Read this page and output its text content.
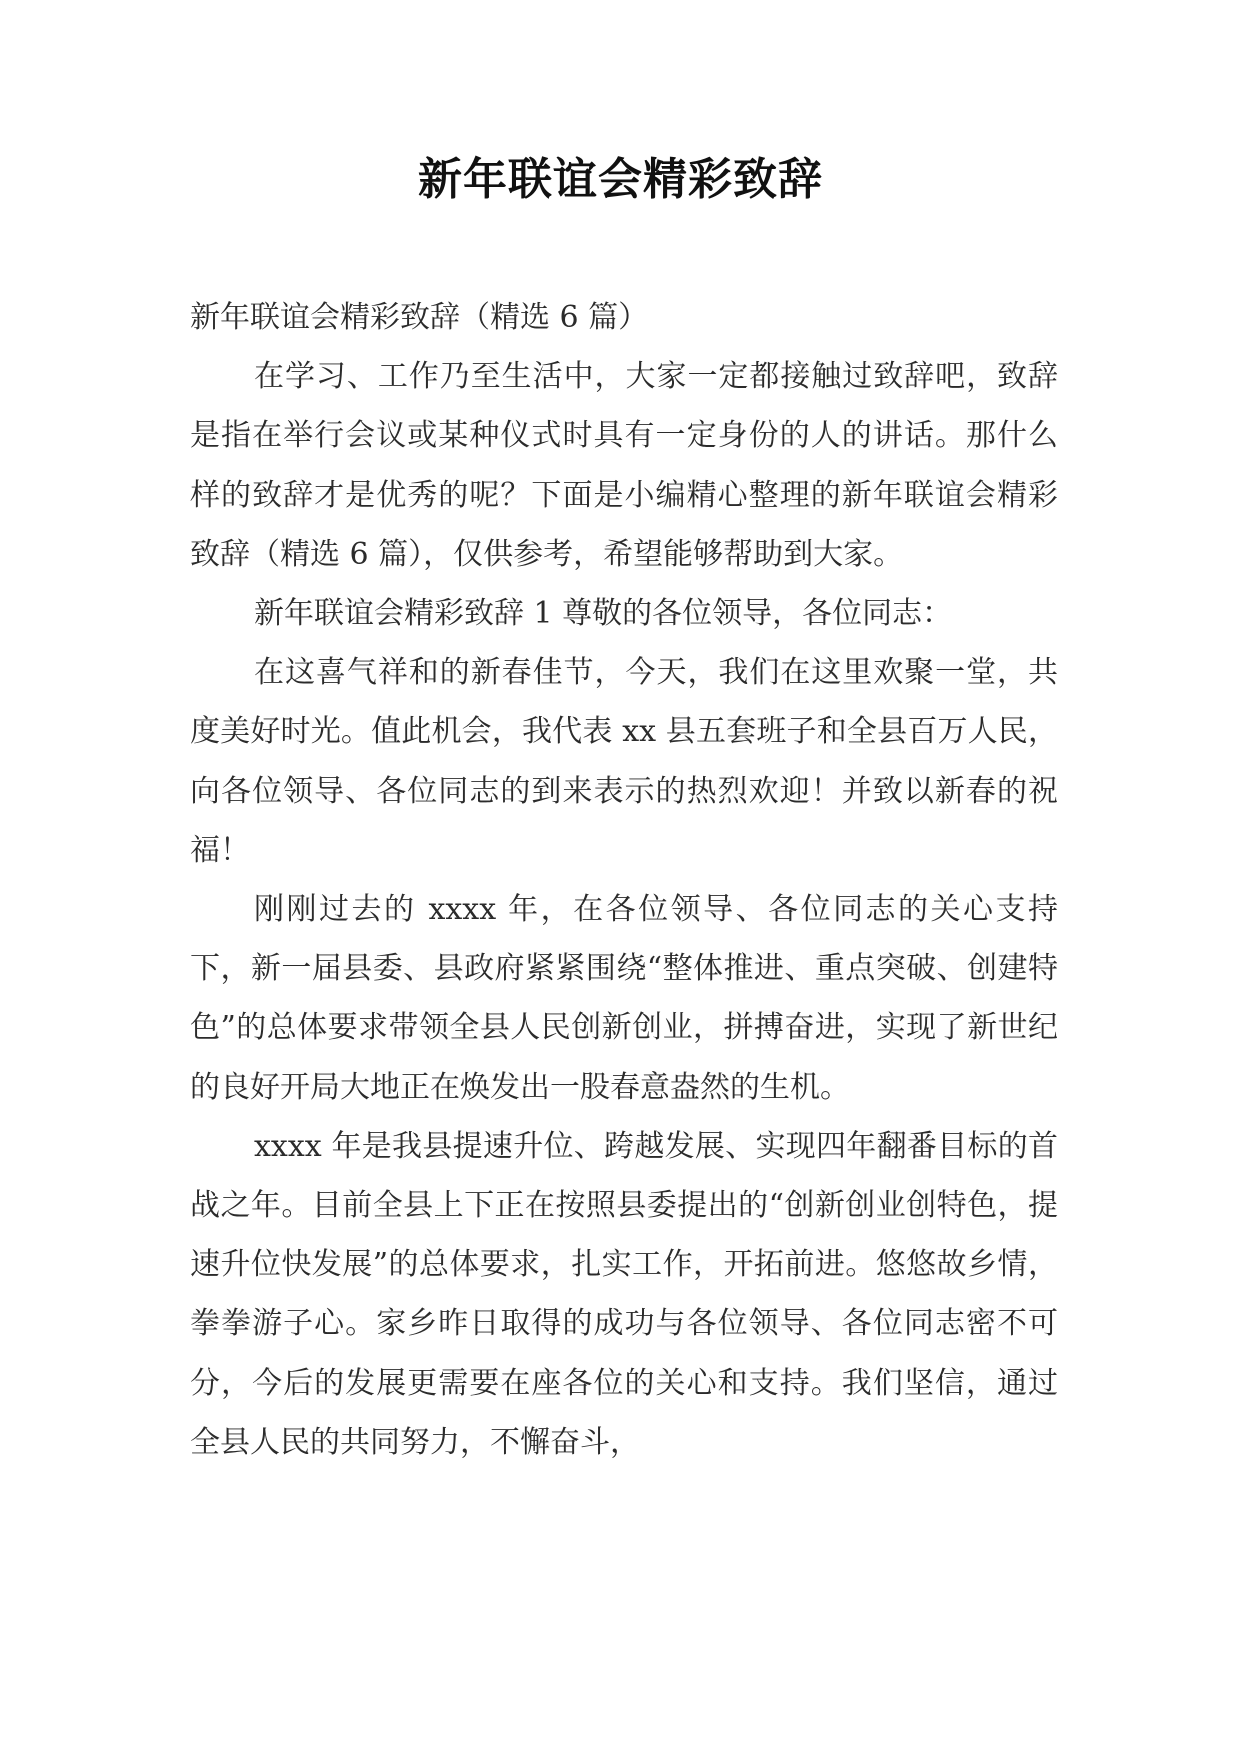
新年联谊会精彩致辞

新年联谊会精彩致辞（精选 6 篇）

在学习、工作乃至生活中，大家一定都接触过致辞吧，致辞是指在举行会议或某种仪式时具有一定身份的人的讲话。那什么样的致辞才是优秀的呢？下面是小编精心整理的新年联谊会精彩致辞（精选 6 篇），仅供参考，希望能够帮助到大家。

新年联谊会精彩致辞 1 尊敬的各位领导，各位同志：

在这喜气祥和的新春佳节，今天，我们在这里欢聚一堂，共度美好时光。值此机会，我代表 xx 县五套班子和全县百万人民，向各位领导、各位同志的到来表示的热烈欢迎！并致以新春的祝福！

刚刚过去的 xxxx 年，在各位领导、各位同志的关心支持下，新一届县委、县政府紧紧围绕“整体推进、重点突破、创建特色”的总体要求带领全县人民创新创业，拼搏奋进，实现了新世纪的良好开局大地正在焕发出一股春意盎然的生机。

xxxx 年是我县提速升位、跨越发展、实现四年翻番目标的首战之年。目前全县上下正在按照县委提出的“创新创业创特色，提速升位快发展”的总体要求，扎实工作，开拓前进。悠悠故乡情，拳拳游子心。家乡昨日取得的成功与各位领导、各位同志密不可分，今后的发展更需要在座各位的关心和支持。我们坚信，通过全县人民的共同努力，不懈奋斗，
